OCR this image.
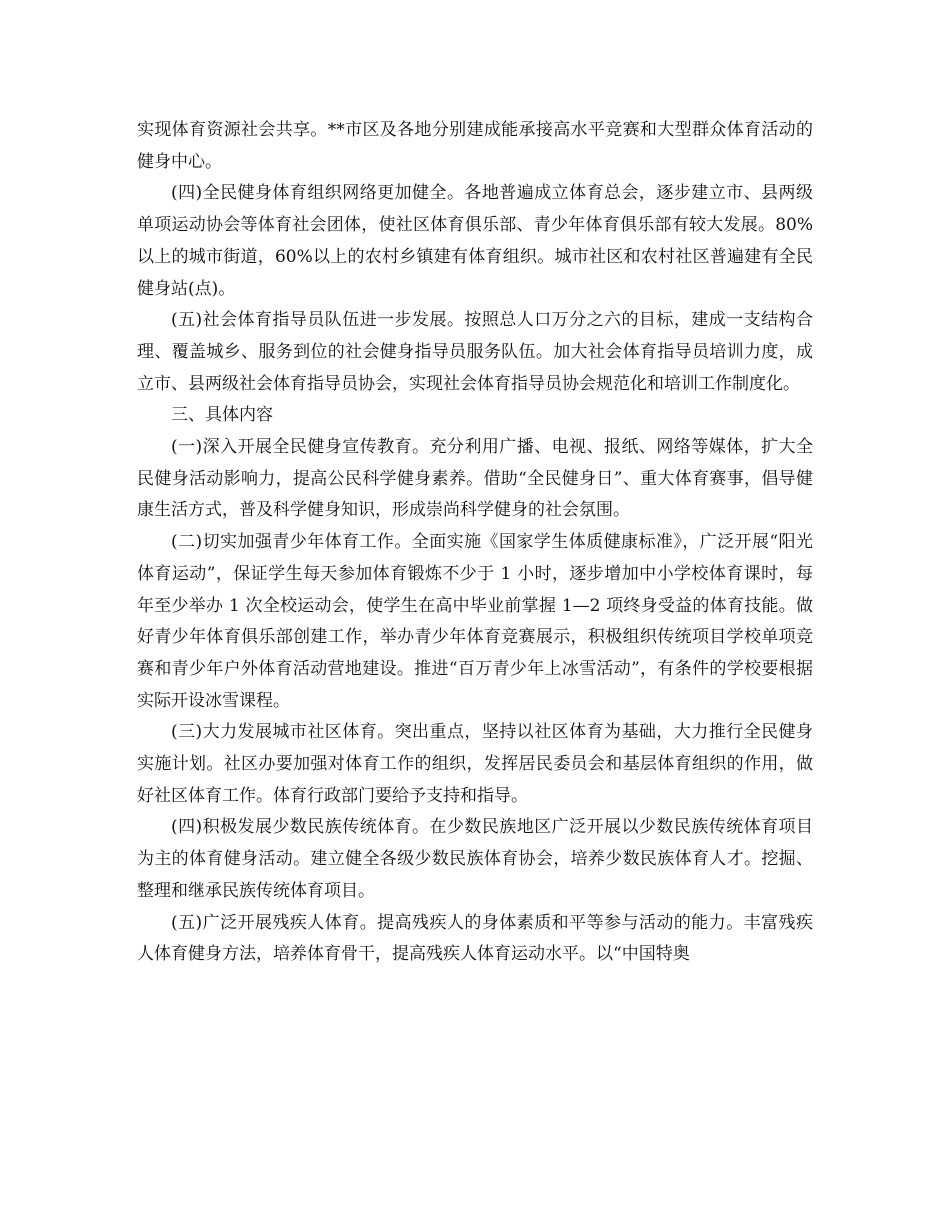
实现体育资源社会共享。**市区及各地分别建成能承接高水平竞赛和大型群众体育活动的健身中心。

(四)全民健身体育组织网络更加健全。各地普遍成立体育总会，逐步建立市、县两级单项运动协会等体育社会团体，使社区体育俱乐部、青少年体育俱乐部有较大发展。80%以上的城市街道，60%以上的农村乡镇建有体育组织。城市社区和农村社区普遍建有全民健身站(点)。

(五)社会体育指导员队伍进一步发展。按照总人口万分之六的目标，建成一支结构合理、覆盖城乡、服务到位的社会健身指导员服务队伍。加大社会体育指导员培训力度，成立市、县两级社会体育指导员协会，实现社会体育指导员协会规范化和培训工作制度化。

三、具体内容

(一)深入开展全民健身宣传教育。充分利用广播、电视、报纸、网络等媒体，扩大全民健身活动影响力，提高公民科学健身素养。借助“全民健身日”、重大体育赛事，倡导健康生活方式，普及科学健身知识，形成崇尚科学健身的社会氛围。

(二)切实加强青少年体育工作。全面实施《国家学生体质健康标准》，广泛开展“阳光体育运动”，保证学生每天参加体育锻炼不少于 1 小时，逐步增加中小学校体育课时，每年至少举办 1 次全校运动会，使学生在高中毕业前掌握 1—2 项终身受益的体育技能。做好青少年体育俱乐部创建工作，举办青少年体育竞赛展示，积极组织传统项目学校单项竞赛和青少年户外体育活动营地建设。推进“百万青少年上冰雪活动”，有条件的学校要根据实际开设冰雪课程。

(三)大力发展城市社区体育。突出重点，坚持以社区体育为基础，大力推行全民健身实施计划。社区办要加强对体育工作的组织，发挥居民委员会和基层体育组织的作用，做好社区体育工作。体育行政部门要给予支持和指导。

(四)积极发展少数民族传统体育。在少数民族地区广泛开展以少数民族传统体育项目为主的体育健身活动。建立健全各级少数民族体育协会，培养少数民族体育人才。挖掘、整理和继承民族传统体育项目。

(五)广泛开展残疾人体育。提高残疾人的身体素质和平等参与活动的能力。丰富残疾人体育健身方法，培养体育骨干，提高残疾人体育运动水平。以“中国特奥
